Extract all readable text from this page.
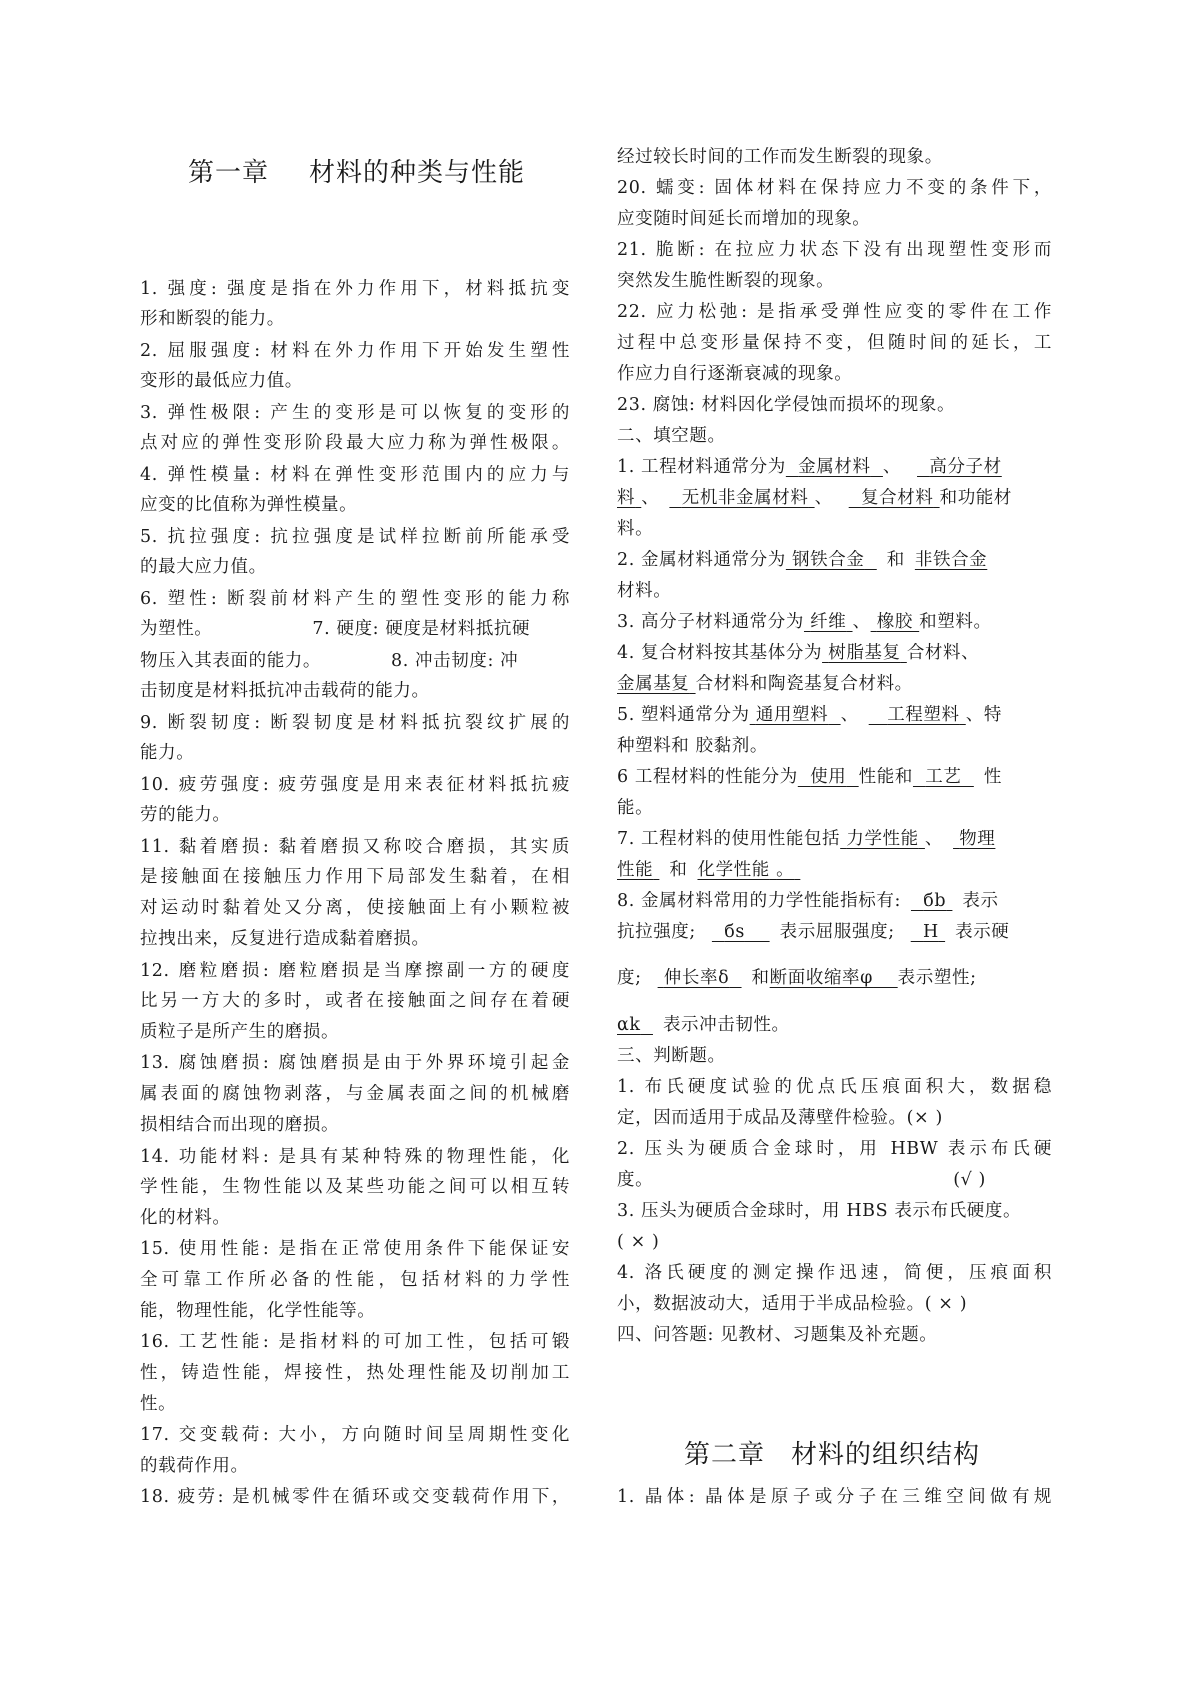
第一章 材料的种类与性能
1. 强度: 强度是指在外力作用下，材料抵抗变
形和断裂的能力。
2. 屈服强度: 材料在外力作用下开始发生塑性
变形的最低应力值。
3. 弹性极限: 产生的变形是可以恢复的变形的
点对应的弹性变形阶段最大应力称为弹性极限。
4. 弹性模量: 材料在弹性变形范围内的应力与
应变的比值称为弹性模量。
5. 抗拉强度: 抗拉强度是试样拉断前所能承受
的最大应力值。
6. 塑性: 断裂前材料产生的塑性变形的能力称
为塑性。	7. 硬度: 硬度是材料抵抗硬
物压入其表面的能力。	8. 冲击韧度: 冲
击韧度是材料抵抗冲击载荷的能力。
9. 断裂韧度: 断裂韧度是材料抵抗裂纹扩展的
能力。
10. 疲劳强度: 疲劳强度是用来表征材料抵抗疲
劳的能力。
11. 黏着磨损: 黏着磨损又称咬合磨损，其实质
是接触面在接触压力作用下局部发生黏着，在相
对运动时黏着处又分离，使接触面上有小颗粒被
拉拽出来，反复进行造成黏着磨损。
12. 磨粒磨损: 磨粒磨损是当摩擦副一方的硬度
比另一方大的多时，或者在接触面之间存在着硬
质粒子是所产生的磨损。
13. 腐蚀磨损: 腐蚀磨损是由于外界环境引起金
属表面的腐蚀物剥落，与金属表面之间的机械磨
损相结合而出现的磨损。
14. 功能材料: 是具有某种特殊的物理性能，化
学性能，生物性能以及某些功能之间可以相互转
化的材料。
15. 使用性能: 是指在正常使用条件下能保证安
全可靠工作所必备的性能，包括材料的力学性
能，物理性能，化学性能等。
16. 工艺性能: 是指材料的可加工性，包括可锻
性，铸造性能，焊接性，热处理性能及切削加工
性。
17. 交变载荷: 大小，方向随时间呈周期性变化
的载荷作用。
18. 疲劳: 是机械零件在循环或交变载荷作用下，
经过较长时间的工作而发生断裂的现象。
20. 蠕变: 固体材料在保持应力不变的条件下，
应变随时间延长而增加的现象。
21. 脆断: 在拉应力状态下没有出现塑性变形而
突然发生脆性断裂的现象。
22. 应力松弛: 是指承受弹性应变的零件在工作
过程中总变形量保持不变，但随时间的延长，工
作应力自行逐渐衰减的现象。
23. 腐蚀: 材料因化学侵蚀而损坏的现象。
二、填空题。
1. 工程材料通常分为 金属材料 、 高分子材
料 、 无机非金属材料 、 复合材料 和功能材
料。
2. 金属材料通常分为 钢铁合金 和 非铁合金
材料。
3. 高分子材料通常分为 纤维 、 橡胶 和塑料。
4. 复合材料按其基体分为 树脂基复 合材料、
金属基复 合材料和陶瓷基复合材料。
5. 塑料通常分为 通用塑料 、 工程塑料 、特
种塑料和 胶黏剂。
6 工程材料的性能分为 使用 性能和 工艺 性
能。
7. 工程材料的使用性能包括 力学性能 、 物理
性能 和 化学性能 。
8. 金属材料常用的力学性能指标有: бb 表示
抗拉强度; бs 表示屈服强度; H 表示硬
度; 伸长率δ 和断面收缩率φ 表示塑性;
αk 表示冲击韧性。
三、判断题。
1. 布氏硬度试验的优点氏压痕面积大，数据稳
定，因而适用于成品及薄壁件检验。(× )
2. 压头为硬质合金球时，用 HBW 表示布氏硬
度。	(√ )
3. 压头为硬质合金球时，用 HBS 表示布氏硬度。
( × )
4. 洛氏硬度的测定操作迅速，简便，压痕面积
小，数据波动大，适用于半成品检验。( × )
四、问答题: 见教材、习题集及补充题。
第二章 材料的组织结构
1. 晶体: 晶体是原子或分子在三维空间做有规
